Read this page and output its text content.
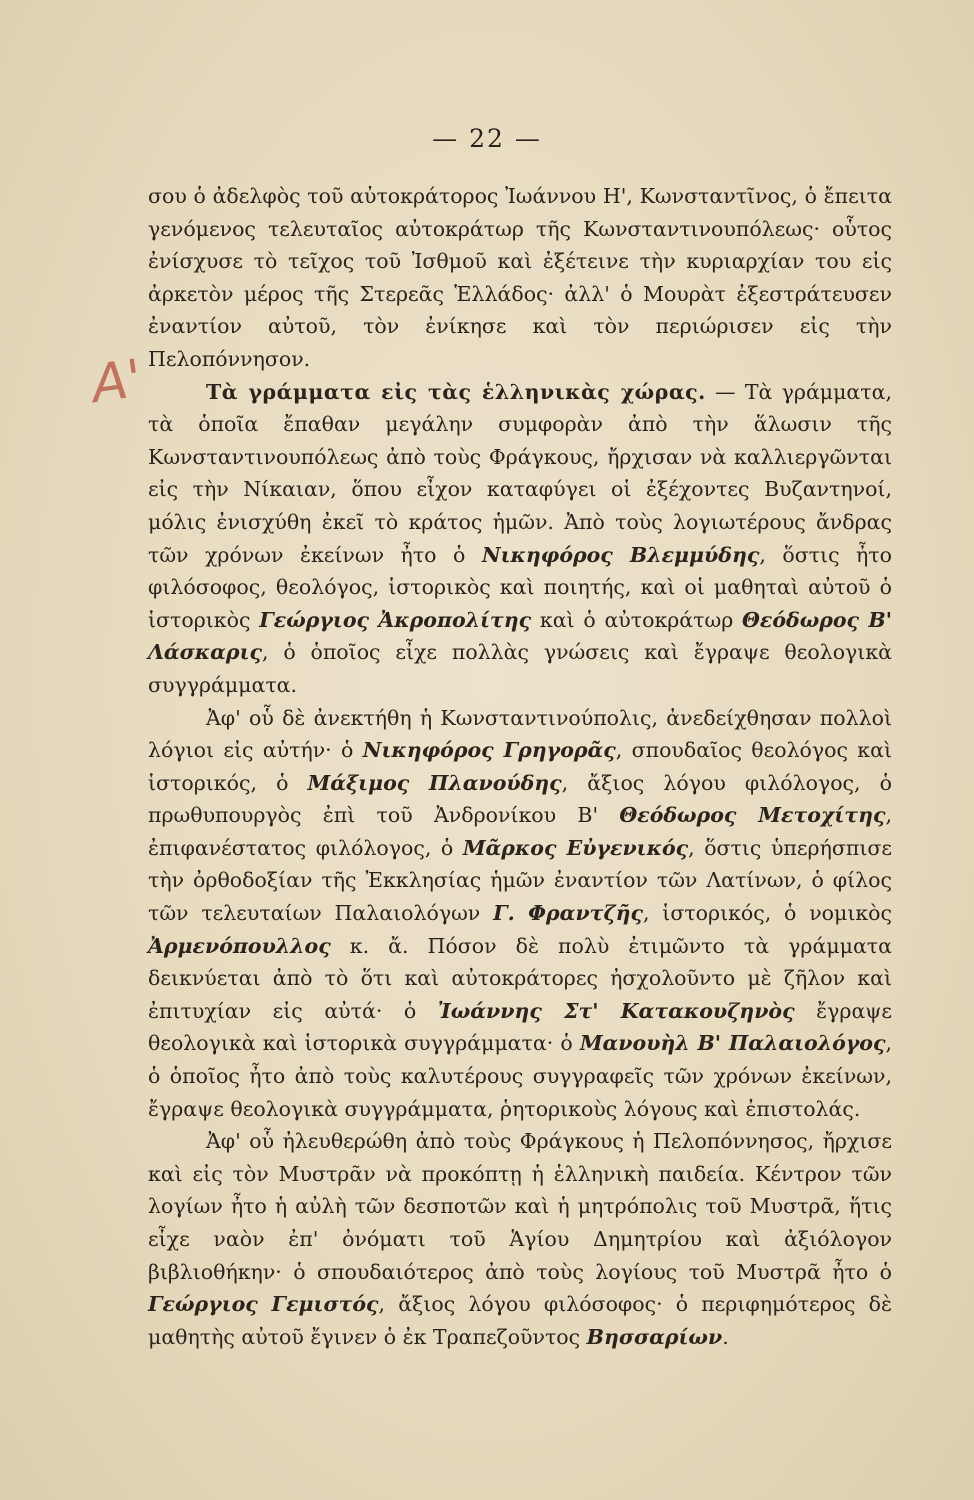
— 22 —
Α'

σου ὁ ἀδελφὸς τοῦ αὐτοκράτορος Ἰωάννου Η', Κωνσταντῖνος, ὁ ἔπειτα γενόμενος τελευταῖος αὐτοκράτωρ τῆς Κωνσταντινουπόλεως· οὗτος ἐνίσχυσε τὸ τεῖχος τοῦ Ἰσθμοῦ καὶ ἐξέτεινε τὴν κυριαρχίαν του εἰς ἀρκετὸν μέρος τῆς Στερεᾶς Ἑλλάδος· ἀλλ' ὁ Μουρὰτ ἐξεστράτευσεν ἐναντίον αὐτοῦ, τὸν ἐνίκησε καὶ τὸν περιώρισεν εἰς τὴν Πελοπόννησον.

Τὰ γράμματα εἰς τὰς ἑλληνικὰς χώρας. — Τὰ γράμματα, τὰ ὁποῖα ἔπαθαν μεγάλην συμφορὰν ἀπὸ τὴν ἅλωσιν τῆς Κωνσταντινουπόλεως ἀπὸ τοὺς Φράγκους, ἤρχισαν νὰ καλλιεργῶνται εἰς τὴν Νίκαιαν, ὅπου εἶχον καταφύγει οἱ ἐξέχοντες Βυζαντηνοί, μόλις ἐνισχύθη ἐκεῖ τὸ κράτος ἡμῶν. Ἀπὸ τοὺς λογιωτέρους ἄνδρας τῶν χρόνων ἐκείνων ἦτο ὁ Νικηφόρος Βλεμμύδης, ὅστις ἦτο φιλόσοφος, θεολόγος, ἱστορικὸς καὶ ποιητής, καὶ οἱ μαθηταὶ αὐτοῦ ὁ ἱστορικὸς Γεώργιος Ἀκροπολίτης καὶ ὁ αὐτοκράτωρ Θεόδωρος Β' Λάσκαρις, ὁ ὁποῖος εἶχε πολλὰς γνώσεις καὶ ἔγραψε θεολογικὰ συγγράμματα.

Ἀφ' οὗ δὲ ἀνεκτήθη ἡ Κωνσταντινούπολις, ἀνεδείχθησαν πολλοὶ λόγιοι εἰς αὐτήν· ὁ Νικηφόρος Γρηγορᾶς, σπουδαῖος θεολόγος καὶ ἱστορικός, ὁ Μάξιμος Πλανούδης, ἄξιος λόγου φιλόλογος, ὁ πρωθυπουργὸς ἐπὶ τοῦ Ἀνδρονίκου Β' Θεόδωρος Μετοχίτης, ἐπιφανέστατος φιλόλογος, ὁ Μᾶρκος Εὐγενικός, ὅστις ὑπερήσπισε τὴν ὀρθοδοξίαν τῆς Ἐκκλησίας ἡμῶν ἐναντίον τῶν Λατίνων, ὁ φίλος τῶν τελευταίων Παλαιολόγων Γ. Φραντζῆς, ἱστορικός, ὁ νομικὸς Ἀρμενόπουλλος κ. ἄ. Πόσον δὲ πολὺ ἐτιμῶντο τὰ γράμματα δεικνύεται ἀπὸ τὸ ὅτι καὶ αὐτοκράτορες ἠσχολοῦντο μὲ ζῆλον καὶ ἐπιτυχίαν εἰς αὐτά· ὁ Ἰωάννης Στ' Κατακουζηνὸς ἔγραψε θεολογικὰ καὶ ἱστορικὰ συγγράμματα· ὁ Μανουὴλ Β' Παλαιολόγος, ὁ ὁποῖος ἦτο ἀπὸ τοὺς καλυτέρους συγγραφεῖς τῶν χρόνων ἐκείνων, ἔγραψε θεολογικὰ συγγράμματα, ῥητορικοὺς λόγους καὶ ἐπιστολάς.

Ἀφ' οὗ ἠλευθερώθη ἀπὸ τοὺς Φράγκους ἡ Πελοπόννησος, ἤρχισε καὶ εἰς τὸν Μυστρᾶν νὰ προκόπτῃ ἡ ἑλληνικὴ παιδεία. Κέντρον τῶν λογίων ἦτο ἡ αὐλὴ τῶν δεσποτῶν καὶ ἡ μητρόπολις τοῦ Μυστρᾶ, ἥτις εἶχε ναὸν ἐπ' ὀνόματι τοῦ Ἁγίου Δημητρίου καὶ ἀξιόλογον βιβλιοθήκην· ὁ σπουδαιότερος ἀπὸ τοὺς λογίους τοῦ Μυστρᾶ ἦτο ὁ Γεώργιος Γεμιστός, ἄξιος λόγου φιλόσοφος· ὁ περιφημότερος δὲ μαθητὴς αὐτοῦ ἔγινεν ὁ ἐκ Τραπεζοῦντος Βησσαρίων.
